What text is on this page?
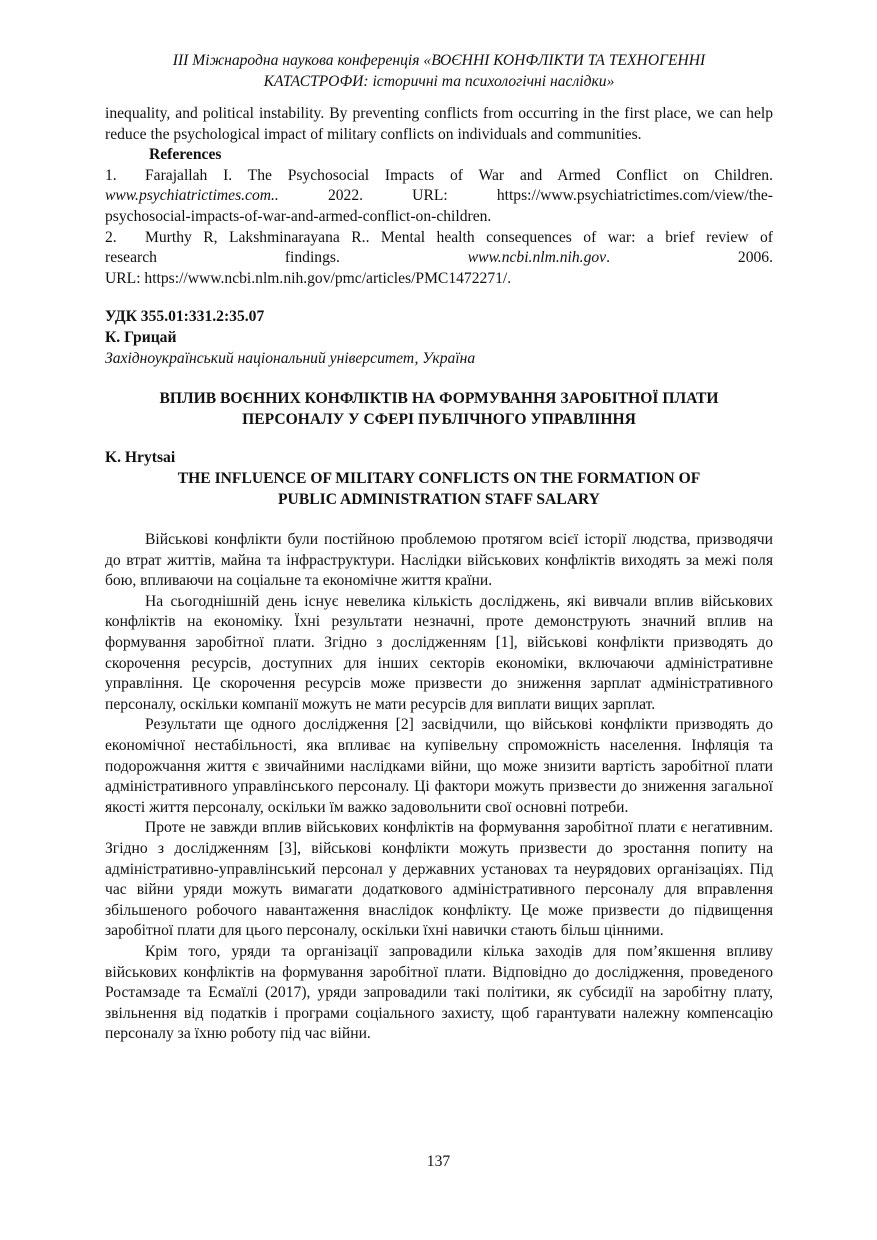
ІІІ Міжнародна наукова конференція «ВОЄННІ КОНФЛІКТИ ТА ТЕХНОГЕННІ
КАТАСТРОФИ: історичні та психологічні наслідки»
inequality, and political instability. By preventing conflicts from occurring in the first place, we can help reduce the psychological impact of military conflicts on individuals and communities.
References
1. Farajallah I. The Psychosocial Impacts of War and Armed Conflict on Children.
www.psychiatrictimes.com.. 2022. URL: https://www.psychiatrictimes.com/view/the-
psychosocial-impacts-of-war-and-armed-conflict-on-children.
2. Murthy R, Lakshminarayana R.. Mental health consequences of war: a brief review of
research	findings.	www.ncbi.nlm.nih.gov.	2006.
URL: https://www.ncbi.nlm.nih.gov/pmc/articles/PMC1472271/.
УДК 355.01:331.2:35.07
К. Грицай
Західноукраїнський національний університет, Україна
ВПЛИВ ВОЄННИХ КОНФЛІКТІВ НА ФОРМУВАННЯ ЗАРОБІТНОЇ ПЛАТИ
ПЕРСОНАЛУ У СФЕРІ ПУБЛІЧНОГО УПРАВЛІННЯ
K. Hrytsai
THE INFLUENCE OF MILITARY CONFLICTS ON THE FORMATION OF
PUBLIC ADMINISTRATION STAFF SALARY
Військові конфлікти були постійною проблемою протягом всієї історії людства, призводячи до втрат життів, майна та інфраструктури. Наслідки військових конфліктів виходять за межі поля бою, впливаючи на соціальне та економічне життя країни.
На сьогоднішній день існує невелика кількість досліджень, які вивчали вплив військових конфліктів на економіку. Їхні результати незначні, проте демонструють значний вплив на формування заробітної плати. Згідно з дослідженням [1], військові конфлікти призводять до скорочення ресурсів, доступних для інших секторів економіки, включаючи адміністративне управління. Це скорочення ресурсів може призвести до зниження зарплат адміністративного персоналу, оскільки компанії можуть не мати ресурсів для виплати вищих зарплат.
Результати ще одного дослідження [2] засвідчили, що військові конфлікти призводять до економічної нестабільності, яка впливає на купівельну спроможність населення. Інфляція та подорожчання життя є звичайними наслідками війни, що може знизити вартість заробітної плати адміністративного управлінського персоналу. Ці фактори можуть призвести до зниження загальної якості життя персоналу, оскільки їм важко задовольнити свої основні потреби.
Проте не завжди вплив військових конфліктів на формування заробітної плати є негативним. Згідно з дослідженням [3], військові конфлікти можуть призвести до зростання попиту на адміністративно-управлінський персонал у державних установах та неурядових організаціях. Під час війни уряди можуть вимагати додаткового адміністративного персоналу для вправлення збільшеного робочого навантаження внаслідок конфлікту. Це може призвести до підвищення заробітної плати для цього персоналу, оскільки їхні навички стають більш цінними.
Крім того, уряди та організації запровадили кілька заходів для пом’якшення впливу військових конфліктів на формування заробітної плати. Відповідно до дослідження, проведеного Ростамзаде та Есмаїлі (2017), уряди запровадили такі політики, як субсидії на заробітну плату, звільнення від податків і програми соціального захисту, щоб гарантувати належну компенсацію персоналу за їхню роботу під час війни.
137
